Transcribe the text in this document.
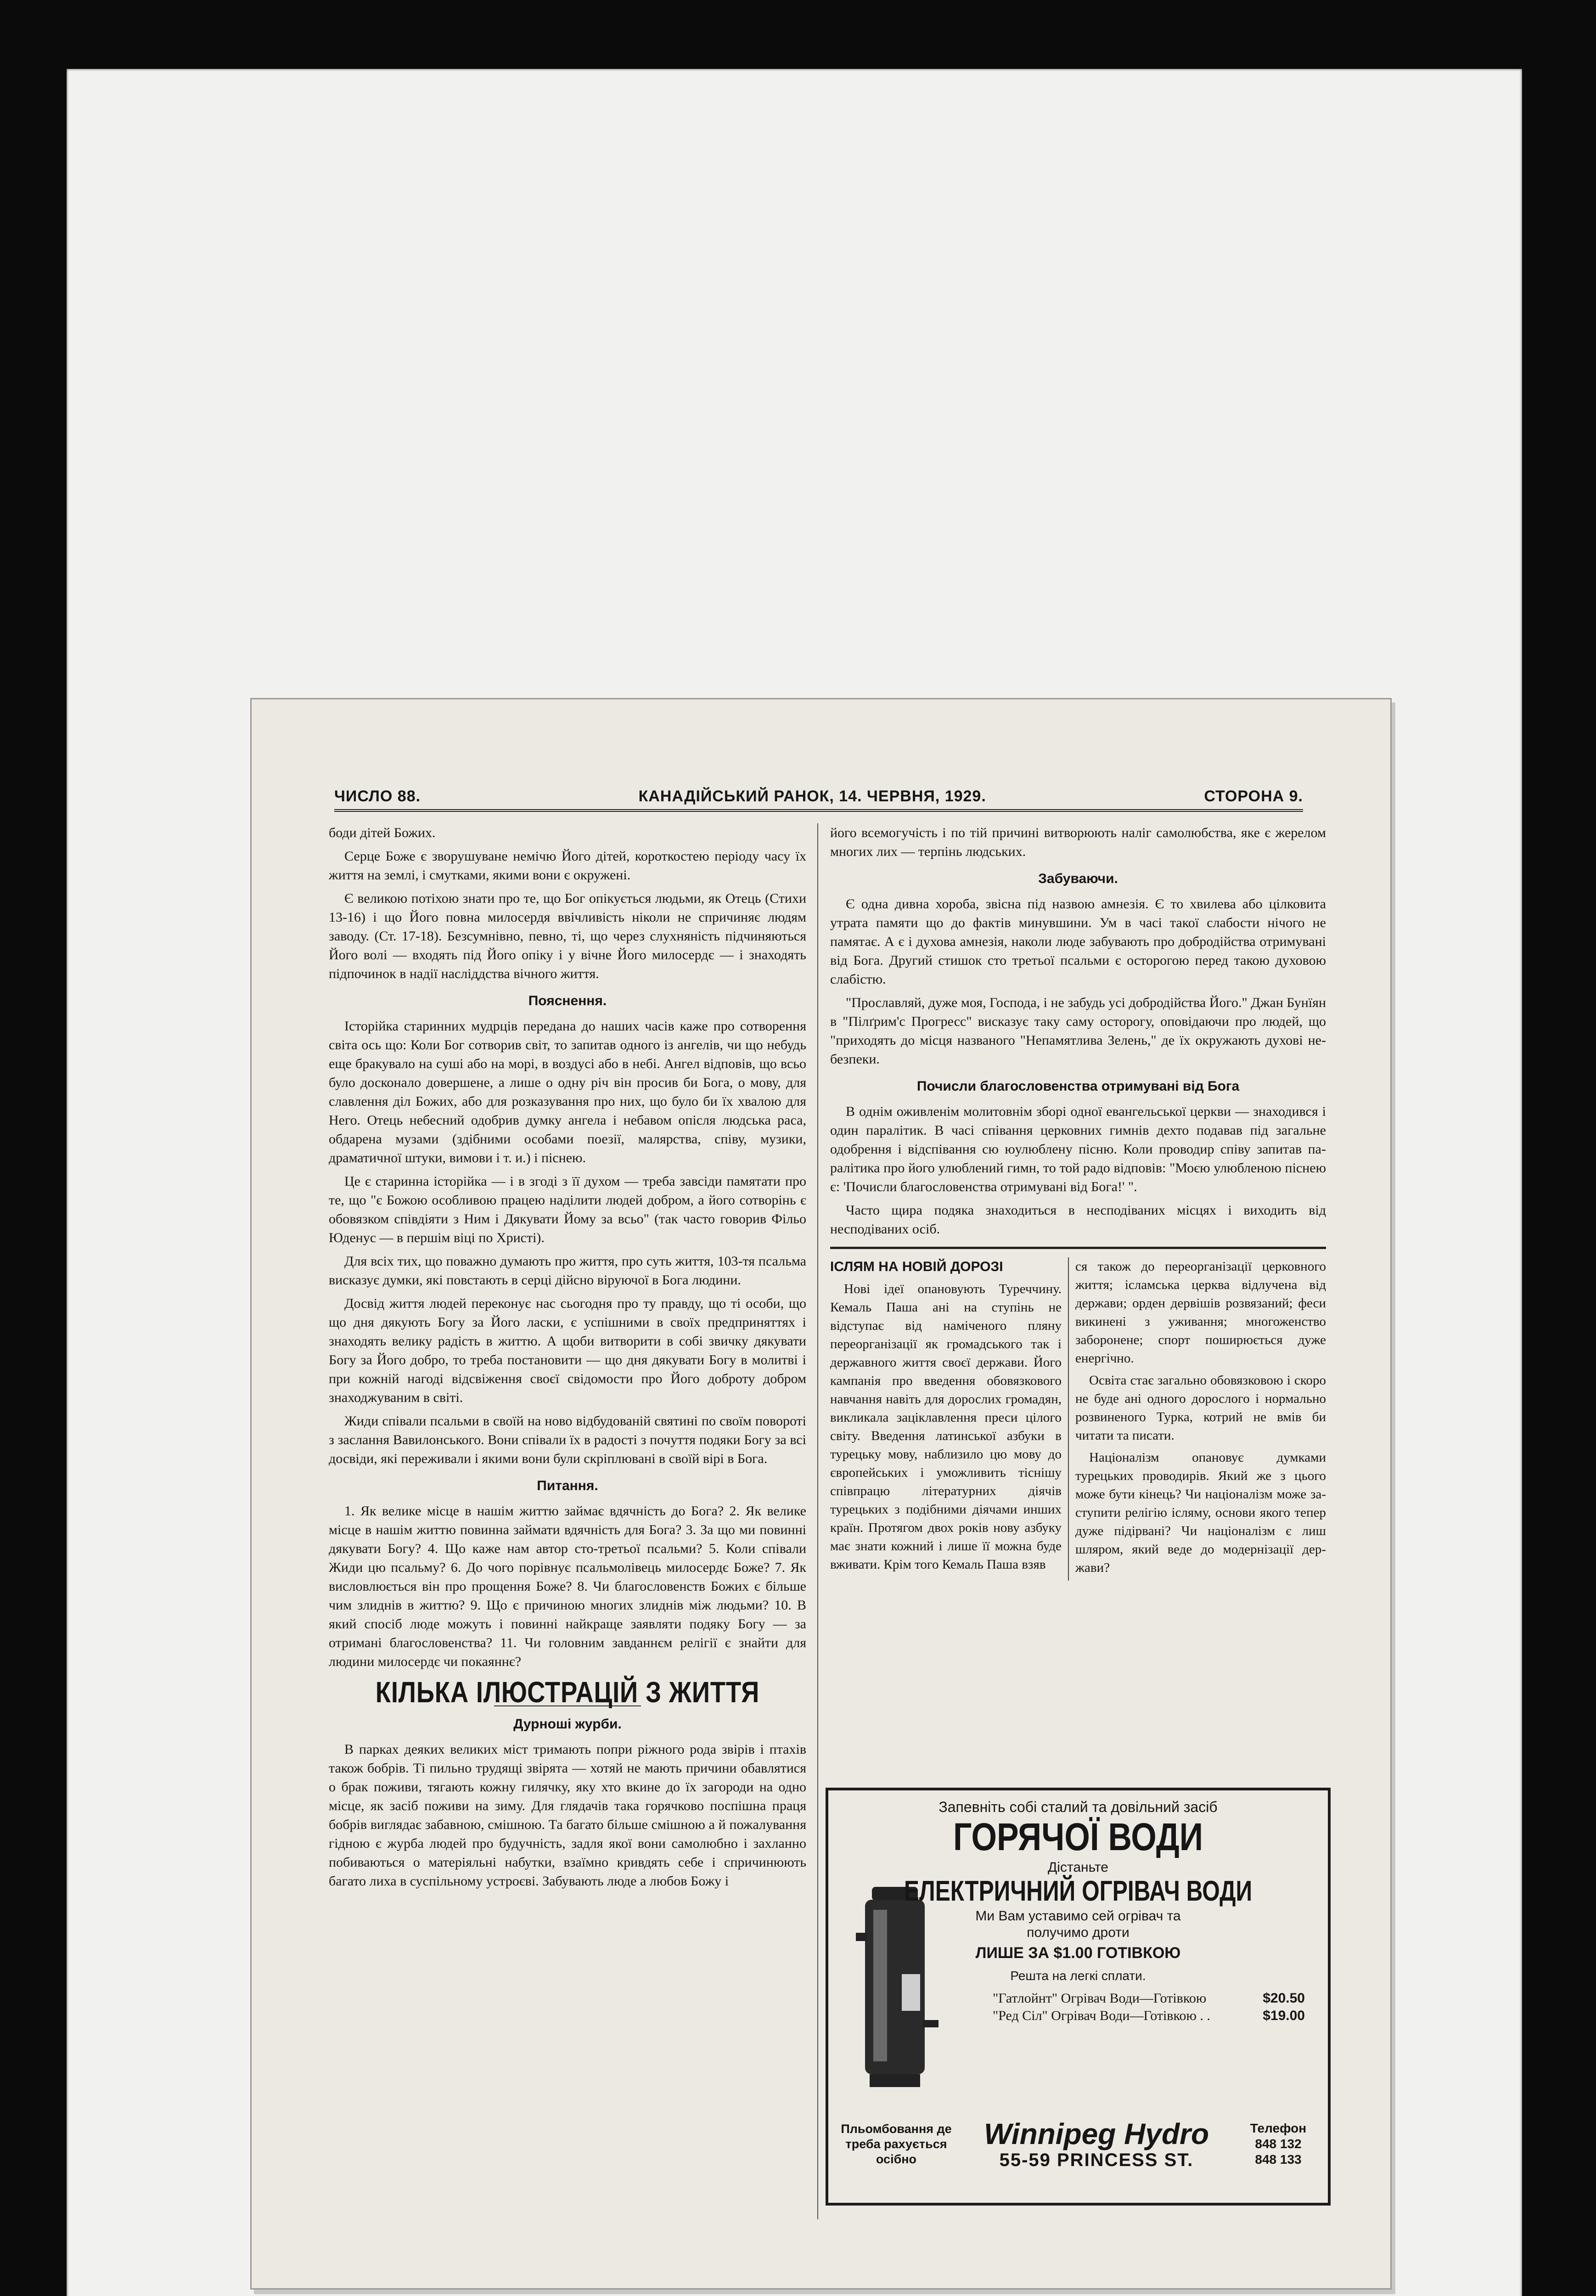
ЧИСЛО 88.	КАНАДІЙСЬКИЙ РАНОК, 14. ЧЕРВНЯ, 1929.	СТОРОНА 9.

боди дітей Божих.

Серце Боже є зворушуване немічю Його дітей, короткостею періоду часу їх життя на землі, і смутками, якими вони є окружені.

Є великою потіхою знати про те, що Бог опікується людьми, як Отець (Стихи 13-16) і що Його повна милосердя ввічливість ніколи не спричиняє людям заводу. (Ст. 17-18). Безсумнівно, певно, ті, що через слухняність підчиняються Його волі — входять під Його опіку і у вічне Його милосердє — і знаходять підпочинок в надії насліддства вічного життя.

Пояснення.

Історійка старинних мудрців передана до наших часів каже про сотворення світа ось що: Коли Бог сотворив світ, то запитав одного із ангелів, чи що небудь еще бракувало на суші або на морі, в воздусі або в небі. Ангел відповів, що всьо було досконало довершене, а лише о одну річ він просив би Бога, о мову, для славлення діл Божих, або для розказування про них, що було би їх хвалою для Него. Отець небесний одобрив думку ангела і небавом опісля людська раса, обдарена музами (здібними особами поезії, малярства, співу, музики, драматичної штуки, вимови і т. и.) і піснею.

Це є старинна історійка — і в згоді з її духом — треба завсіди памятати про те, що "є Божою особливою працею наділити людей добром, а його сотворінь є обовязком співдіяти з Ним і Дякувати Йому за всьо" (так часто говорив Фільо Юденус — в першім віці по Христі).

Для всіх тих, що поважно думають про життя, про суть життя, 103-тя псальма висказує думки, які повстають в серці дійсно віруючої в Бога людини.

Досвід життя людей переконує нас сьогодня про ту правду, що ті особи, що що дня дякують Богу за Його ласки, є успішними в своїх предприняттях і знаходять велику радість в життю. А щоби витворити в собі звичку дякувати Богу за Його добро, то треба постановити — що дня дякувати Богу в молитві і при кожній нагоді відсвіження своєї свідомости про Його доброту добром знаходжуваним в світі.

Жиди співали псальми в своїй на ново відбудованій святині по своїм повороті з заслання Вавилонського. Вони співали їх в радості з почуття подяки Богу за всі досвіди, які переживали і якими вони були скріплювані в своїй вірі в Бога.

Питання.

1. Як велике місце в нашім життю займає вдячність до Бога? 2. Як велике місце в нашім життю повинна займати вдячність для Бога? 3. За що ми повинні дякувати Богу? 4. Що каже нам автор сто-третьої псальми? 5. Коли співали Жиди цю псальму? 6. До чого порівнує псальмолівець милосердє Боже? 7. Як висловлюється він про прощення Боже? 8. Чи благословенств Божих є більше чим злиднів в життю? 9. Що є причиною многих злиднів між людьми? 10. В який спосіб люде можуть і повинні найкраще заявляти подяку Богу — за отримані благословенства? 11. Чи головним завданнєм релігії є знайти для людини милосердє чи покаяннє?

КІЛЬКА ІЛЮСТРАЦІЙ З ЖИТТЯ
Дурноші журби.

В парках деяких великих міст тримають попри ріжного рода звірів і птахів також бобрів. Ті пильно трудящі звірята — хотяй не мають причини обавлятися о брак поживи, тягають кожну гилячку, яку хто вкине до їх загороди на одно місце, як засіб поживи на зиму. Для глядачів така горячково поспішна праця бобрів виглядає забавною, смішною. Та багато більше смішною а й пожалування гідною є журба людей про будучність, задля якої вони самолюбно і захланно побиваються о матеріяльні набутки, взаїмно кривдять себе і спричинюють багато лиха в суспільному устроєві. Забувають люде а любов Божу і

його всемогучість і по тій причині витворюють наліг самолюбства, яке є жерелом многих лих — терпінь людських.

Забуваючи.

Є одна дивна хороба, звісна під назвою амнезія. Є то хвилева або цілковита утрата памяти що до фактів минувшини. Ум в часі такої слабости нічого не памятає. А є і духова амнезія, наколи люде забувають про добродійства отримувані від Бога. Другий стишок сто третьої псальми є осторогою перед такою духовою слабістю.

"Прославляй, дуже моя, Господа, і не забудь усі добродійства Його." Джан Бунїян в "Пілґрим'с Прогресс" висказує таку саму осторогу, оповідаючи про людей, що "приходять до місця названого "Непамятлива Зелень," де їх окружають духові небезпеки.

Почисли благословенства отримувані від Бога

В однім оживленім молитовнім зборі одної евангельської церкви — знаходився і один паралітик. В часі співання церковних гимнів дехто подавав під загальне одобрення і відспівання сю юулюблену пісню. Коли проводир співу запитав паралітика про його улюблений гимн, то той радо відповів: "Моєю улюбленою піснею є: 'Почисли благословенства отримувані від Бога!' ".

Часто щира подяка знаходиться в несподіваних місцях і виходить від несподіваних осіб.

ІСЛЯМ НА НОВІЙ ДОРОЗІ

Нові ідеї опановують Туреччину. Кемаль Паша ані на ступінь не відступає від наміченого пляну переорганізації як громадського так і державного життя своєї держави. Його кампанія про введення обовязкового навчання навіть для дорослих громадян, викликала заціклавлення преси цілого світу. Введення латинської азбуки в турецьку мову, наблизило цю мову до європейських і уможливить тіснішу співпрацю літературних діячів турецьких з подібними діячами инших країн. Протягом двох років нову азбуку має знати кожний і лише її можна буде вживати. Крім того Кемаль Паша взяв

ся також до переорганізації церковного життя; ісламська церква відлучена від держави; орден дервішів розвязаний; феси викинені з уживання; многоженство заборонене; спорт поширюється дуже енергічно.

Освіта стає загально обовязковою і скоро не буде ані одного дорослого і нормально розвиненого Турка, котрий не вмів би читати та писати.

Націоналізм опановує думками турецьких проводирів. Який же з цього може бути кінець? Чи націоналізм може заступити релігію ісляму, основи якого тепер дуже підірвані? Чи націоналізм є лиш шляром, який веде до модернізації держави?

Запевніть собі сталий та довільний засіб

ГОРЯЧОЇ ВОДИ

Дістаньте

ЕЛЕКТРИЧНИЙ ОГРІВАЧ ВОДИ

Ми Вам уставимо сей огрівач та

получимо дроти

ЛИШЕ ЗА $1.00 ГОТІВКОЮ

Решта на легкі сплати.

"Гатлойнт" Огрівач Води—Готівкою	$20.50
"Ред Сіл" Огрівач Води—Готівкою . .	$19.00
Пльомбовання де треба рахується осібно
Winnipeg Hydro
55-59 PRINCESS ST.
Телефон
848 132
848 133
